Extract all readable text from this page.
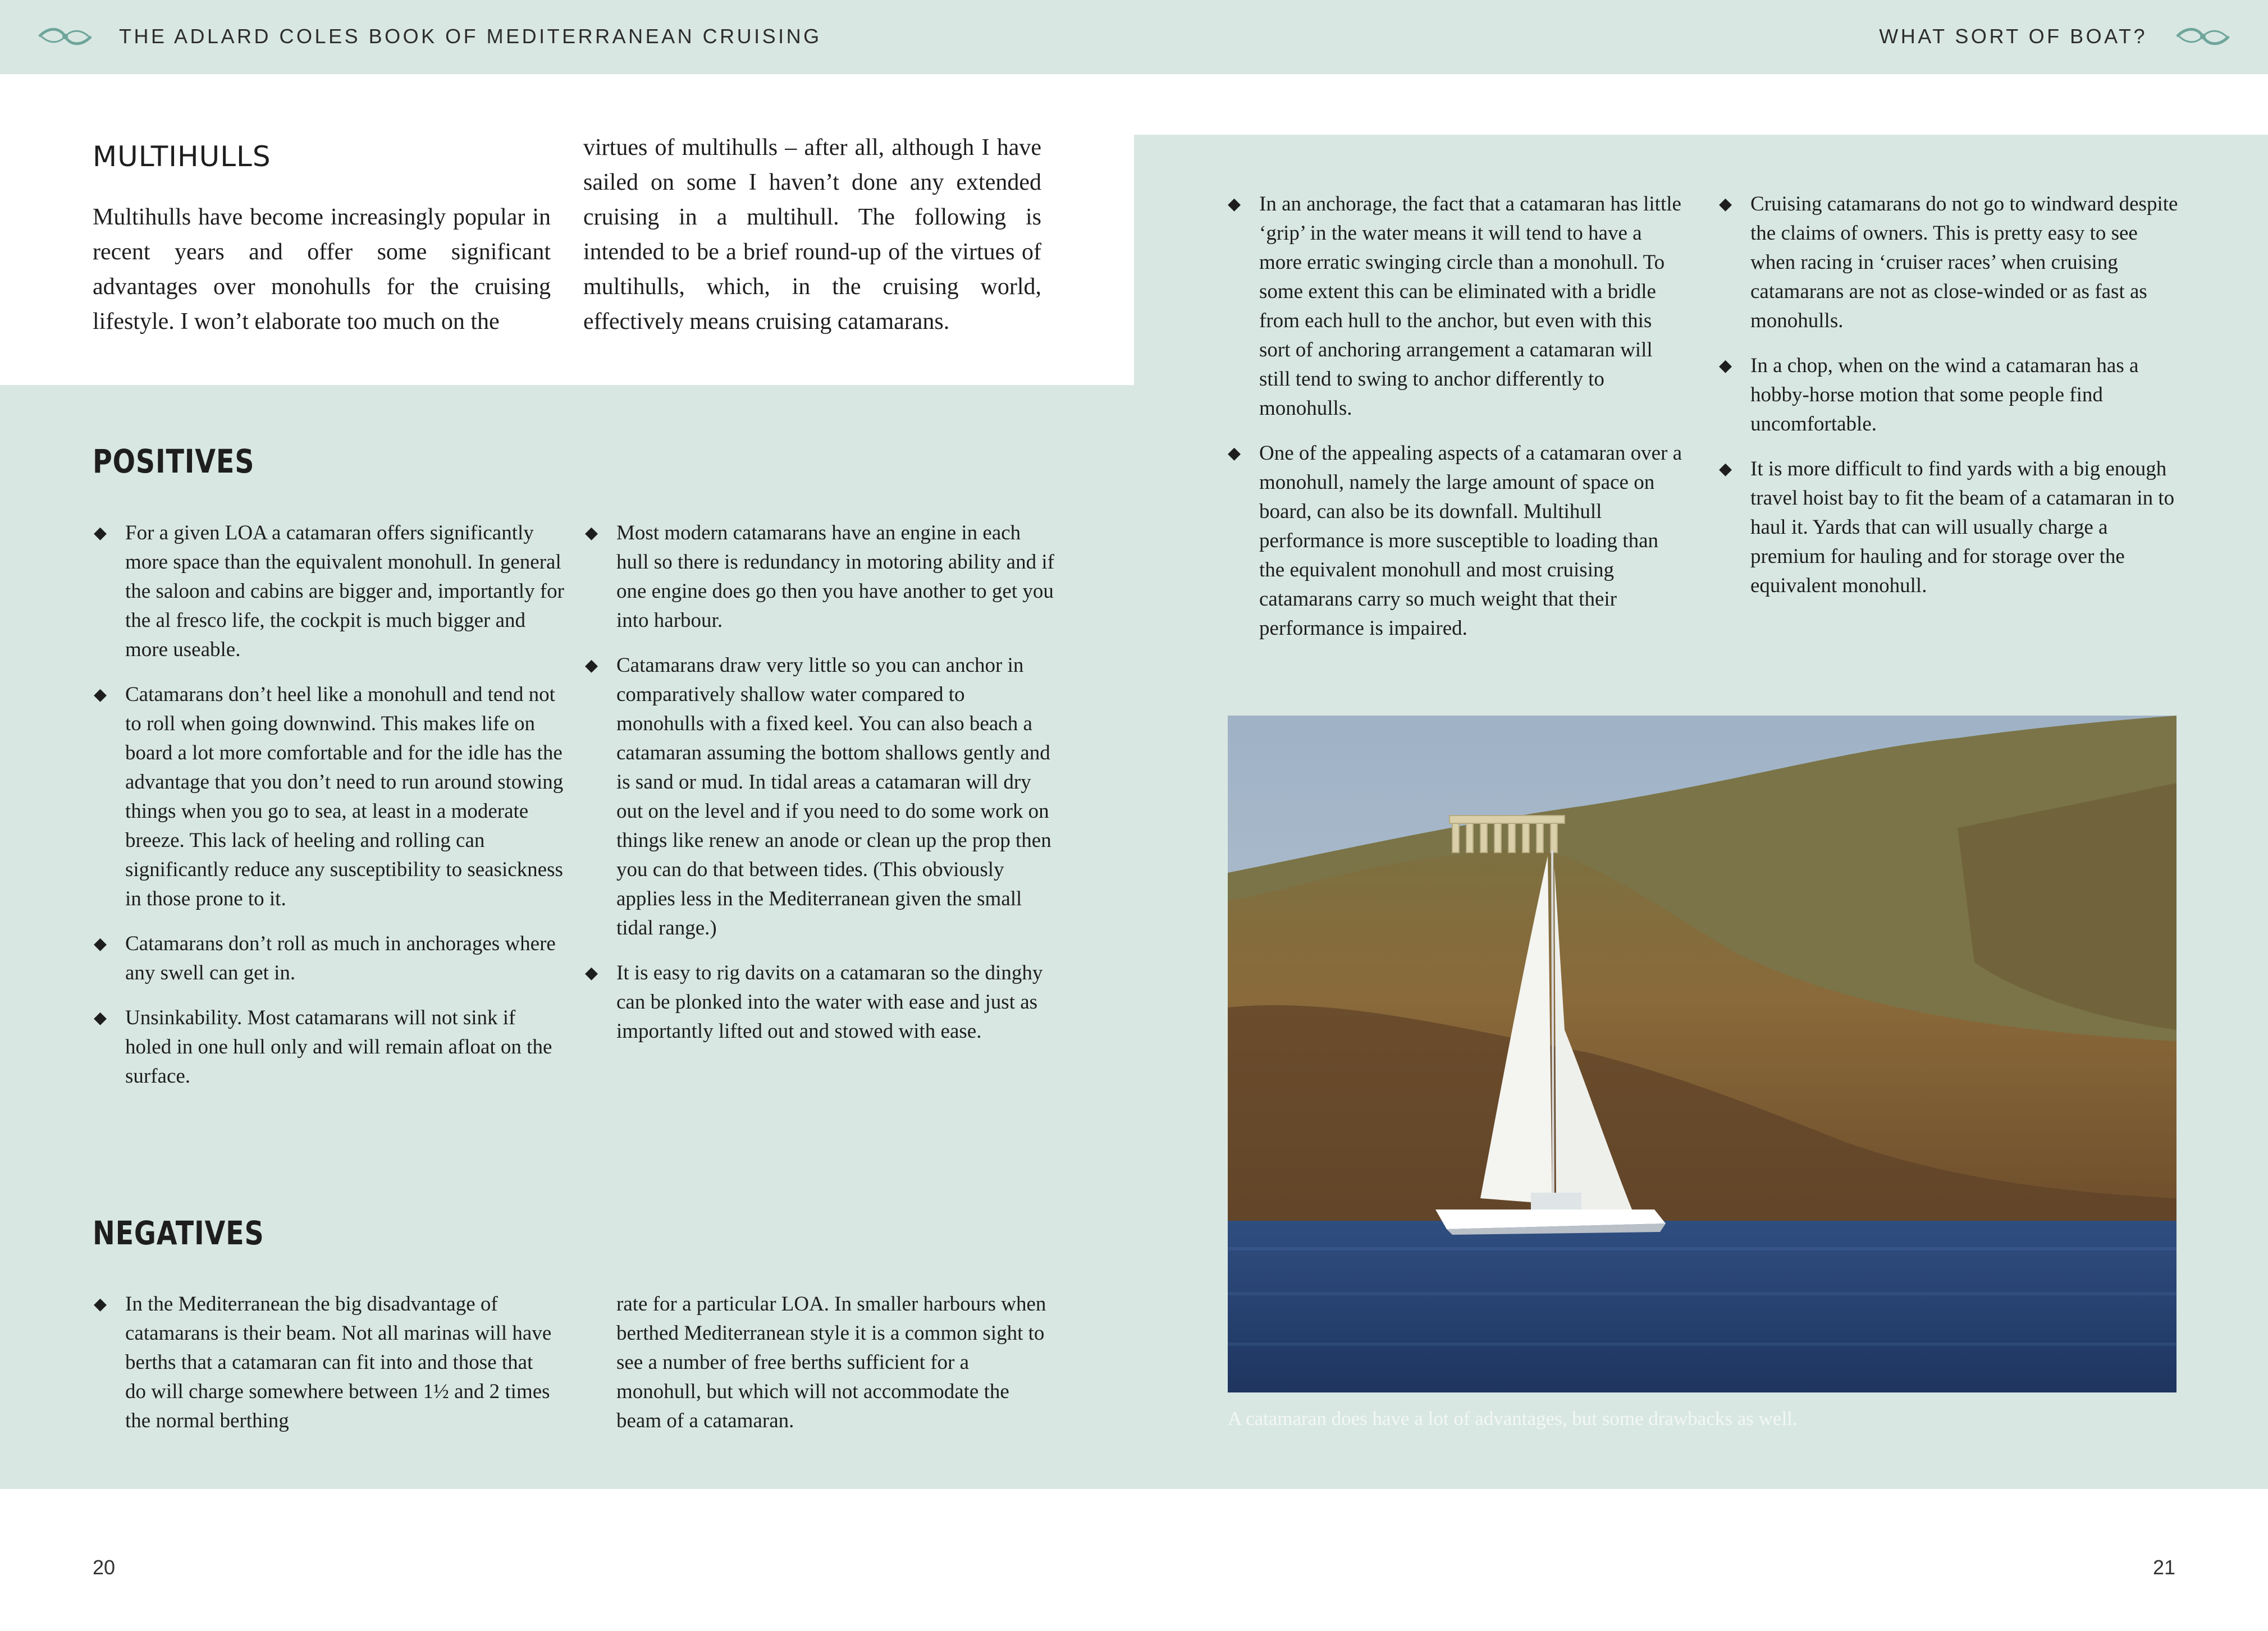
THE ADLARD COLES BOOK OF MEDITERRANEAN CRUISING	WHAT SORT OF BOAT?
MULTIHULLS

Multihulls have become increasingly popular in recent years and offer some significant advantages over monohulls for the cruising lifestyle. I won’t elaborate too much on the

virtues of multihulls – after all, although I have sailed on some I haven’t done any extended cruising in a multihull. The following is intended to be a brief round-up of the virtues of multihulls, which, in the cruising world, effectively means cruising catamarans.

POSITIVES
◆ For a given LOA a catamaran offers significantly more space than the equivalent monohull. In general the saloon and cabins are bigger and, importantly for the al fresco life, the cockpit is much bigger and more useable.
◆ Catamarans don’t heel like a monohull and tend not to roll when going downwind. This makes life on board a lot more comfortable and for the idle has the advantage that you don’t need to run around stowing things when you go to sea, at least in a moderate breeze. This lack of heeling and rolling can significantly reduce any susceptibility to seasickness in those prone to it.
◆ Catamarans don’t roll as much in anchorages where any swell can get in.
◆ Unsinkability. Most catamarans will not sink if holed in one hull only and will remain afloat on the surface.
◆ Most modern catamarans have an engine in each hull so there is redundancy in motoring ability and if one engine does go then you have another to get you into harbour.
◆ Catamarans draw very little so you can anchor in comparatively shallow water compared to monohulls with a fixed keel. You can also beach a catamaran assuming the bottom shallows gently and is sand or mud. In tidal areas a catamaran will dry out on the level and if you need to do some work on things like renew an anode or clean up the prop then you can do that between tides. (This obviously applies less in the Mediterranean given the small tidal range.)
◆ It is easy to rig davits on a catamaran so the dinghy can be plonked into the water with ease and just as importantly lifted out and stowed with ease.
NEGATIVES
◆ In the Mediterranean the big disadvantage of catamarans is their beam. Not all marinas will have berths that a catamaran can fit into and those that do will charge somewhere between 1½ and 2 times the normal berthing

rate for a particular LOA. In smaller harbours when berthed Mediterranean style it is a common sight to see a number of free berths sufficient for a monohull, but which will not accommodate the beam of a catamaran.

◆ In an anchorage, the fact that a catamaran has little ‘grip’ in the water means it will tend to have a more erratic swinging circle than a monohull. To some extent this can be eliminated with a bridle from each hull to the anchor, but even with this sort of anchoring arrangement a catamaran will still tend to swing to anchor differently to monohulls.
◆ One of the appealing aspects of a catamaran over a monohull, namely the large amount of space on board, can also be its downfall. Multihull performance is more susceptible to loading than the equivalent monohull and most cruising catamarans carry so much weight that their performance is impaired.
◆ Cruising catamarans do not go to windward despite the claims of owners. This is pretty easy to see when racing in ‘cruiser races’ when cruising catamarans are not as close-winded or as fast as monohulls.
◆ In a chop, when on the wind a catamaran has a hobby-horse motion that some people find uncomfortable.
◆ It is more difficult to find yards with a big enough travel hoist bay to fit the beam of a catamaran in to haul it. Yards that can will usually charge a premium for hauling and for storage over the equivalent monohull.
A catamaran does have a lot of advantages, but some drawbacks as well.
20	21
